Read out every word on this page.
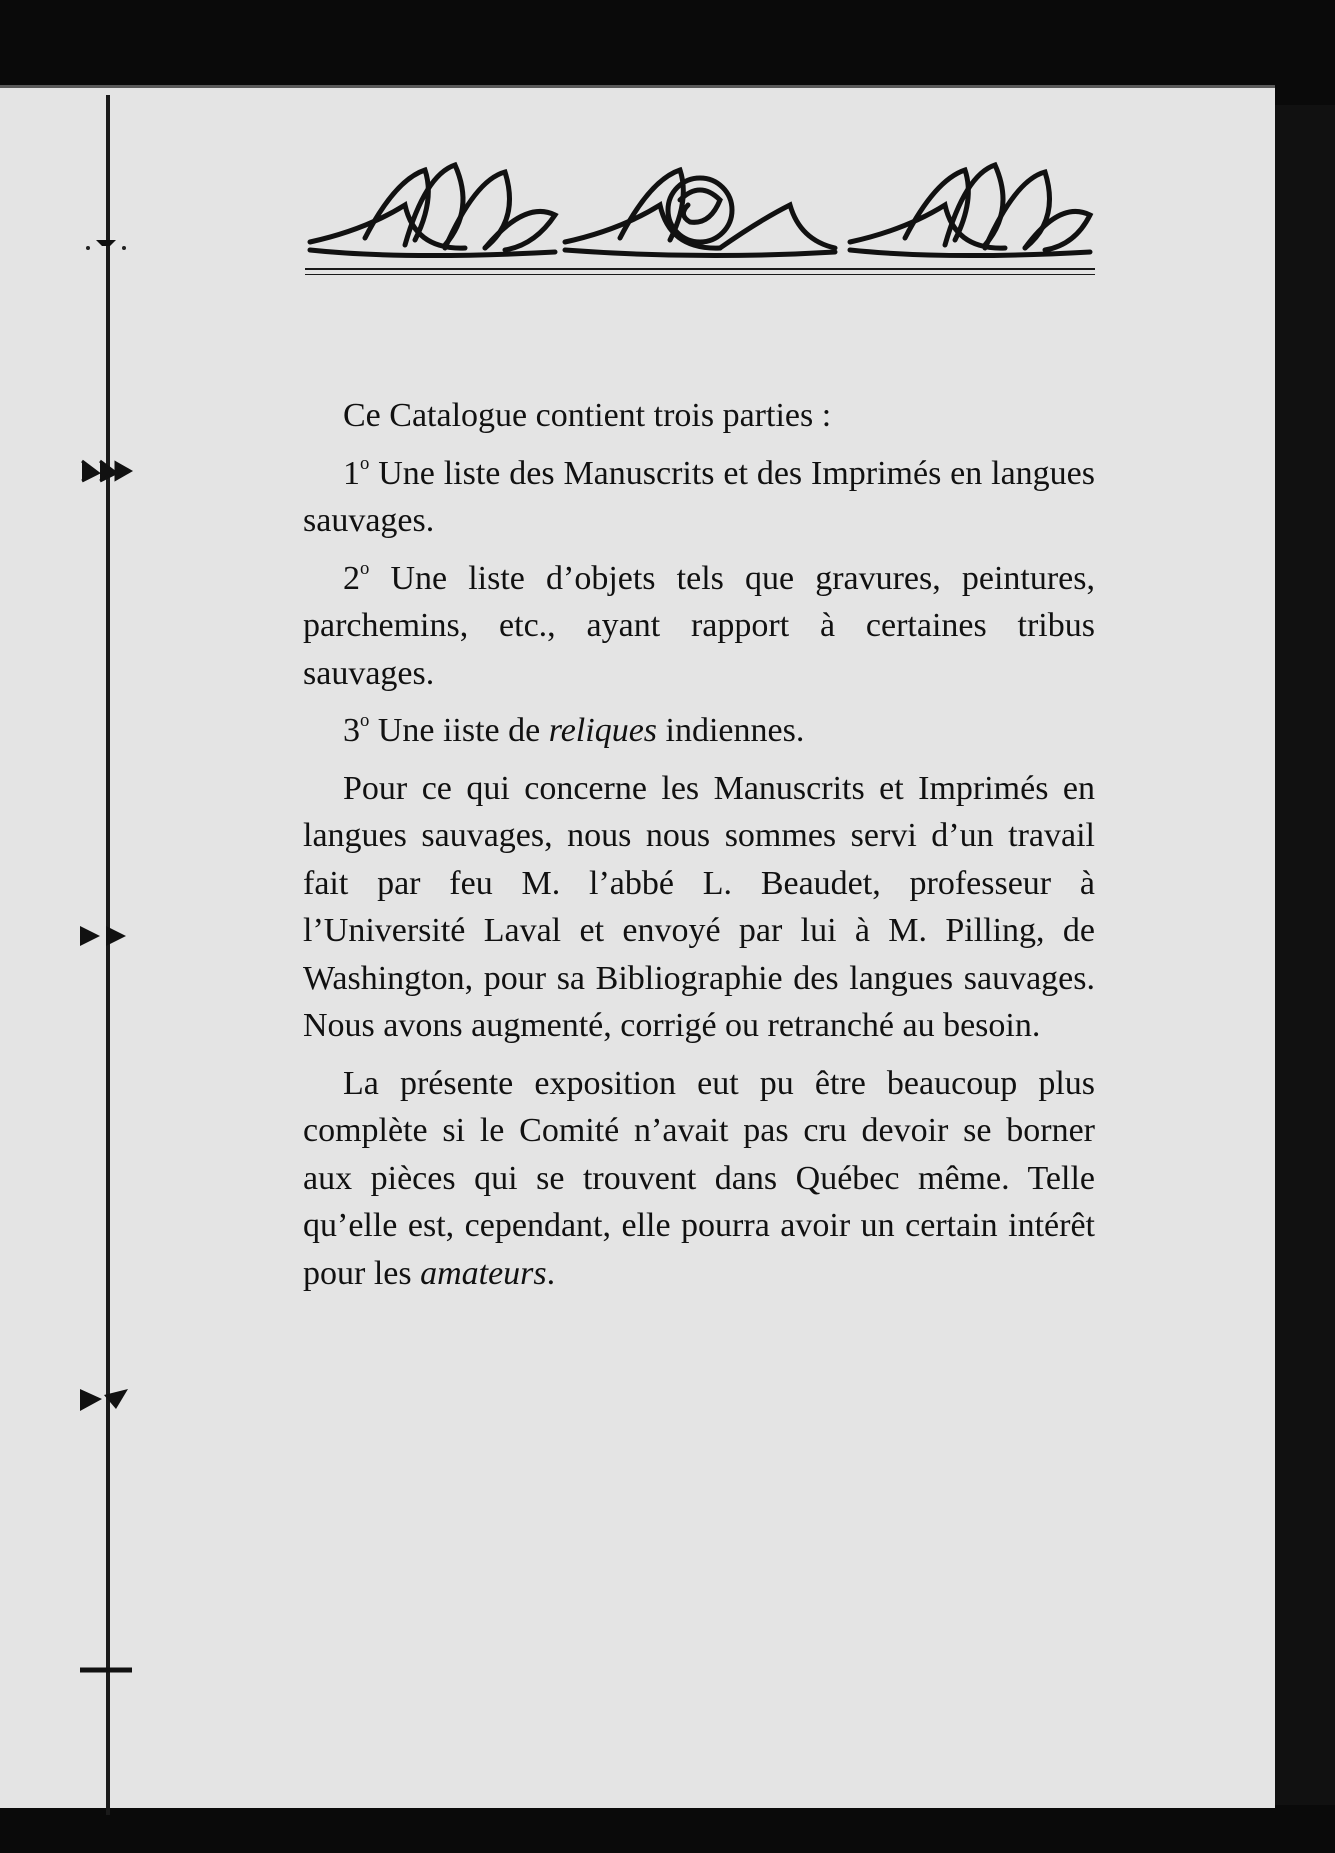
Ce Catalogue contient trois parties :

1$^o$ Une liste des Manuscrits et des Imprimés en langues sauvages.

2$^o$ Une liste d’objets tels que gravures, peintures, parchemins, etc., ayant rapport à certaines tribus sauvages.

3$^o$ Une iiste de reliques indiennes.

Pour ce qui concerne les Manuscrits et Imprimés en langues sauvages, nous nous sommes servi d’un travail fait par feu M. l’abbé L. Beaudet, professeur à l’Université Laval et envoyé par lui à M. Pilling, de Washington, pour sa Bibliographie des langues sauvages. Nous avons augmenté, corrigé ou retranché au besoin.

La présente exposition eut pu être beaucoup plus complète si le Comité n’avait pas cru devoir se borner aux pièces qui se trouvent dans Québec même. Telle qu’elle est, cependant, elle pourra avoir un certain intérêt pour les amateurs.
